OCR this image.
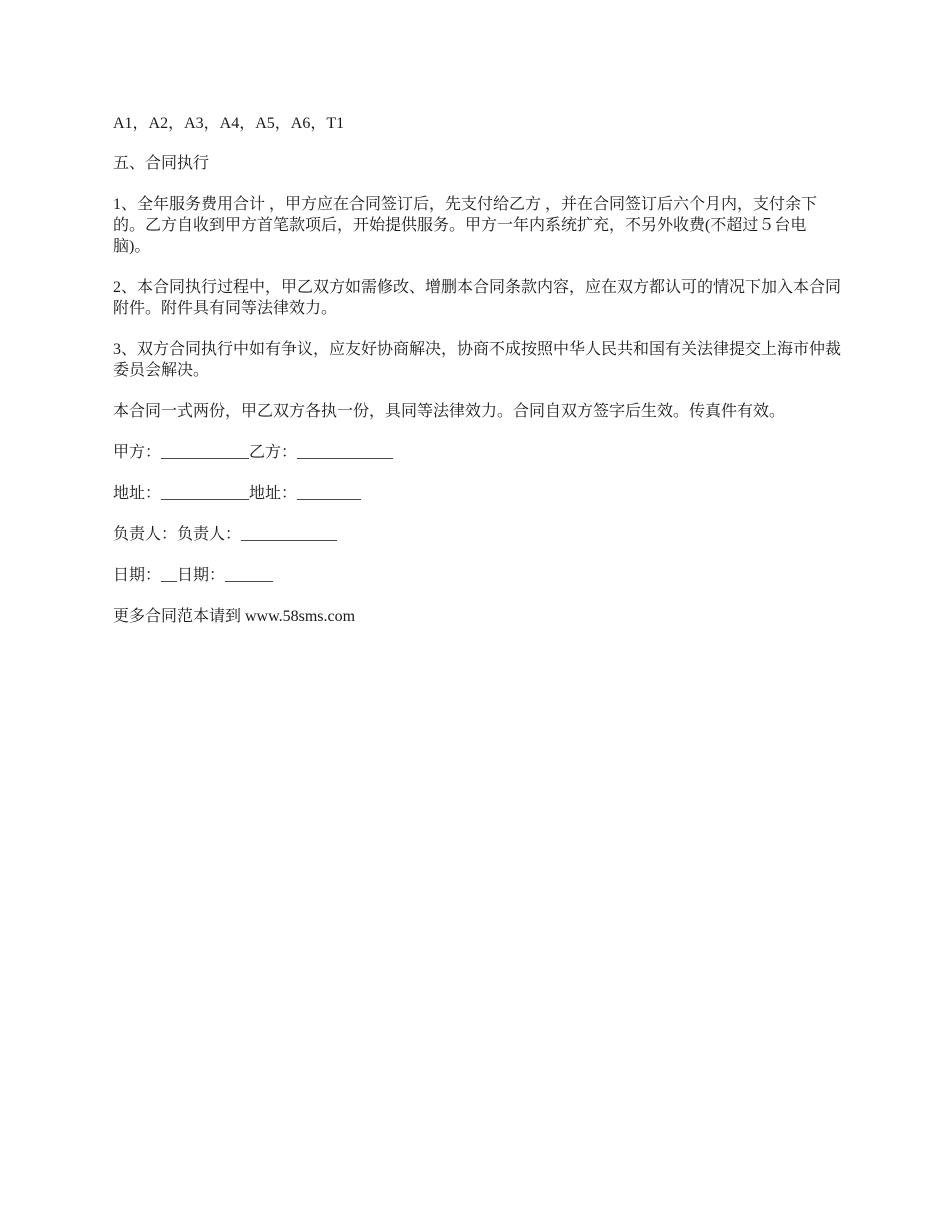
A1，A2，A3，A4，A5，A6，T1

五、合同执行

1、全年服务费用合计 ，甲方应在合同签订后，先支付给乙方 ，并在合同签订后六个月内，支付余下的。乙方自收到甲方首笔款项后，开始提供服务。甲方一年内系统扩充，不另外收费(不超过５台电脑)。

2、本合同执行过程中，甲乙双方如需修改、增删本合同条款内容，应在双方都认可的情况下加入本合同附件。附件具有同等法律效力。

3、双方合同执行中如有争议，应友好协商解决，协商不成按照中华人民共和国有关法律提交上海市仲裁委员会解决。

本合同一式两份，甲乙双方各执一份，具同等法律效力。合同自双方签字后生效。传真件有效。

甲方：___________乙方：____________

地址：___________地址：________

负责人：负责人：____________

日期：__日期：______

更多合同范本请到 www.58sms.com
